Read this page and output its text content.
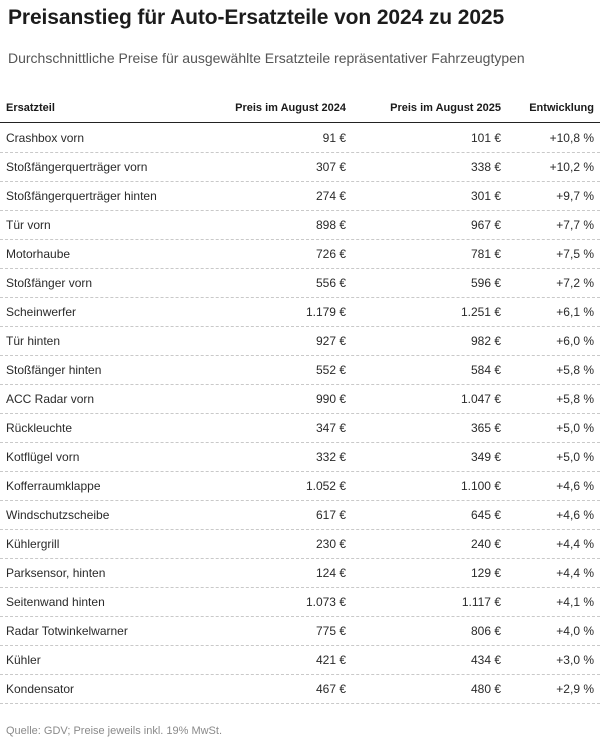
Preisanstieg für Auto-Ersatzteile von 2024 zu 2025
Durchschnittliche Preise für ausgewählte Ersatzteile repräsentativer Fahrzeugtypen
Ersatzteil	Preis im August 2024	Preis im August 2025	Entwicklung
Crashbox vorn	91 €	101 €	+10,8 %
Stoßfängerquerträger vorn	307 €	338 €	+10,2 %
Stoßfängerquerträger hinten	274 €	301 €	+9,7 %
Tür vorn	898 €	967 €	+7,7 %
Motorhaube	726 €	781 €	+7,5 %
Stoßfänger vorn	556 €	596 €	+7,2 %
Scheinwerfer	1.179 €	1.251 €	+6,1 %
Tür hinten	927 €	982 €	+6,0 %
Stoßfänger hinten	552 €	584 €	+5,8 %
ACC Radar vorn	990 €	1.047 €	+5,8 %
Rückleuchte	347 €	365 €	+5,0 %
Kotflügel vorn	332 €	349 €	+5,0 %
Kofferraumklappe	1.052 €	1.100 €	+4,6 %
Windschutzscheibe	617 €	645 €	+4,6 %
Kühlergrill	230 €	240 €	+4,4 %
Parksensor, hinten	124 €	129 €	+4,4 %
Seitenwand hinten	1.073 €	1.117 €	+4,1 %
Radar Totwinkelwarner	775 €	806 €	+4,0 %
Kühler	421 €	434 €	+3,0 %
Kondensator	467 €	480 €	+2,9 %
Quelle: GDV; Preise jeweils inkl. 19% MwSt.
